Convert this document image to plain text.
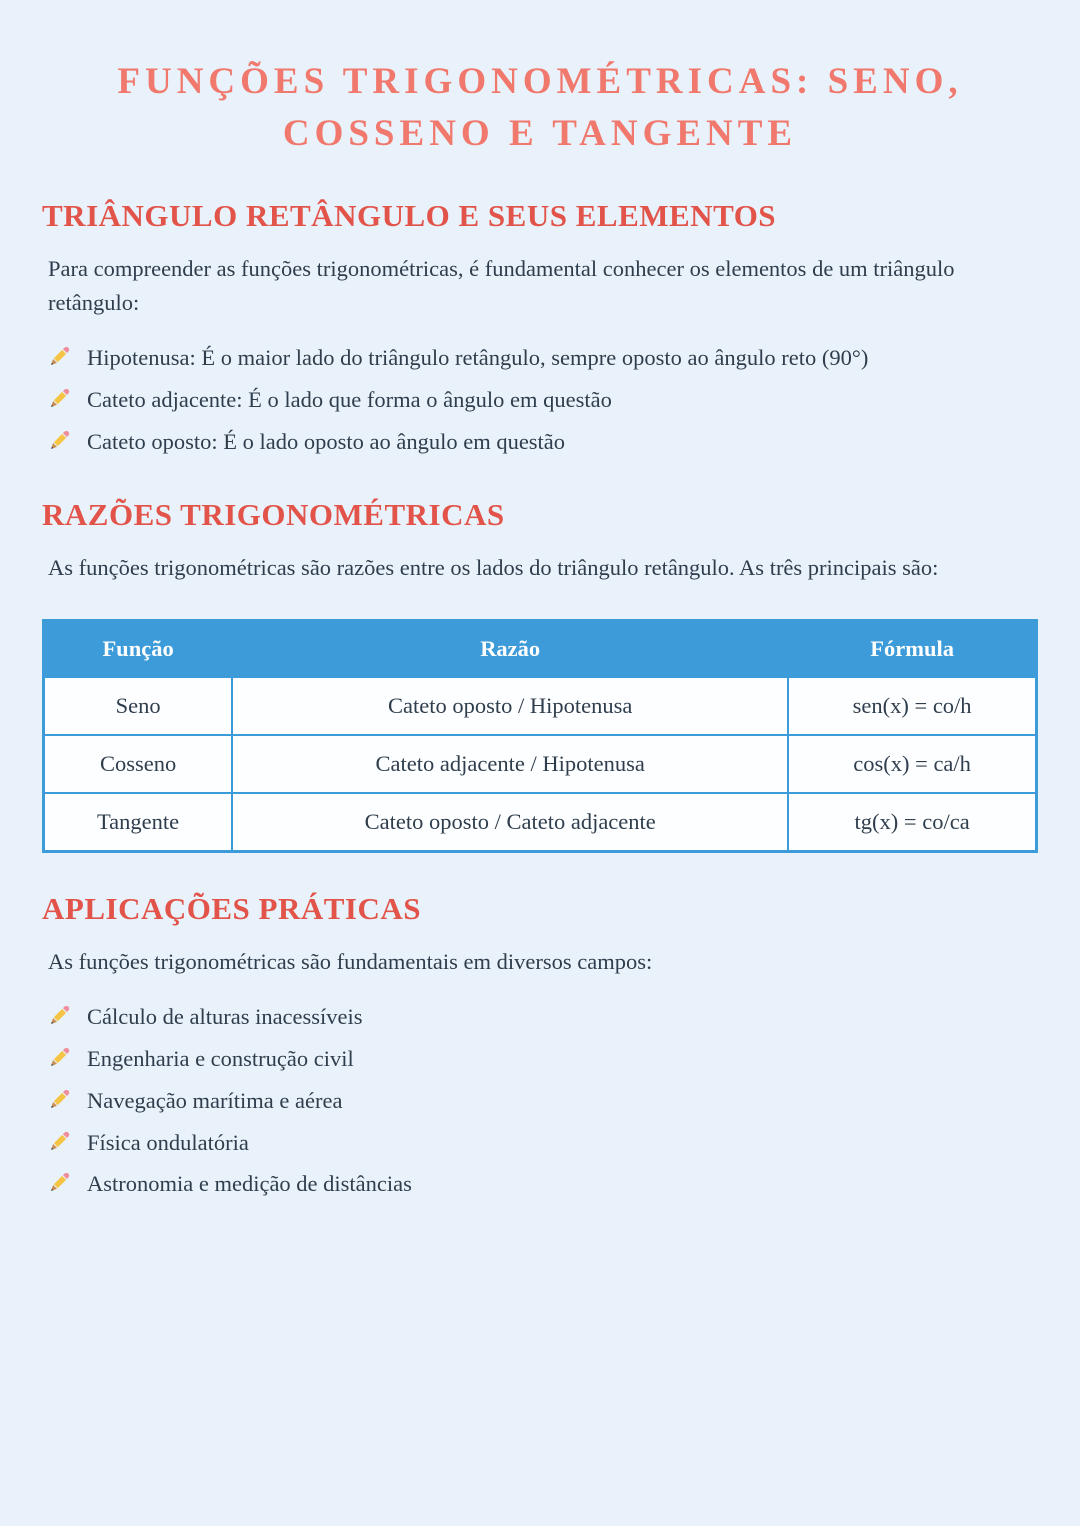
FUNÇÕES TRIGONOMÉTRICAS: SENO,
COSSENO E TANGENTE
TRIÂNGULO RETÂNGULO E SEUS ELEMENTOS

Para compreender as funções trigonométricas, é fundamental conhecer os elementos de um triângulo retângulo:

Hipotenusa: É o maior lado do triângulo retângulo, sempre oposto ao ângulo reto (90°)
Cateto adjacente: É o lado que forma o ângulo em questão
Cateto oposto: É o lado oposto ao ângulo em questão
RAZÕES TRIGONOMÉTRICAS

As funções trigonométricas são razões entre os lados do triângulo retângulo. As três principais são:

Função	Razão	Fórmula
Seno	Cateto oposto / Hipotenusa	sen(x) = co/h
Cosseno	Cateto adjacente / Hipotenusa	cos(x) = ca/h
Tangente	Cateto oposto / Cateto adjacente	tg(x) = co/ca
APLICAÇÕES PRÁTICAS

As funções trigonométricas são fundamentais em diversos campos:

Cálculo de alturas inacessíveis
Engenharia e construção civil
Navegação marítima e aérea
Física ondulatória
Astronomia e medição de distâncias
